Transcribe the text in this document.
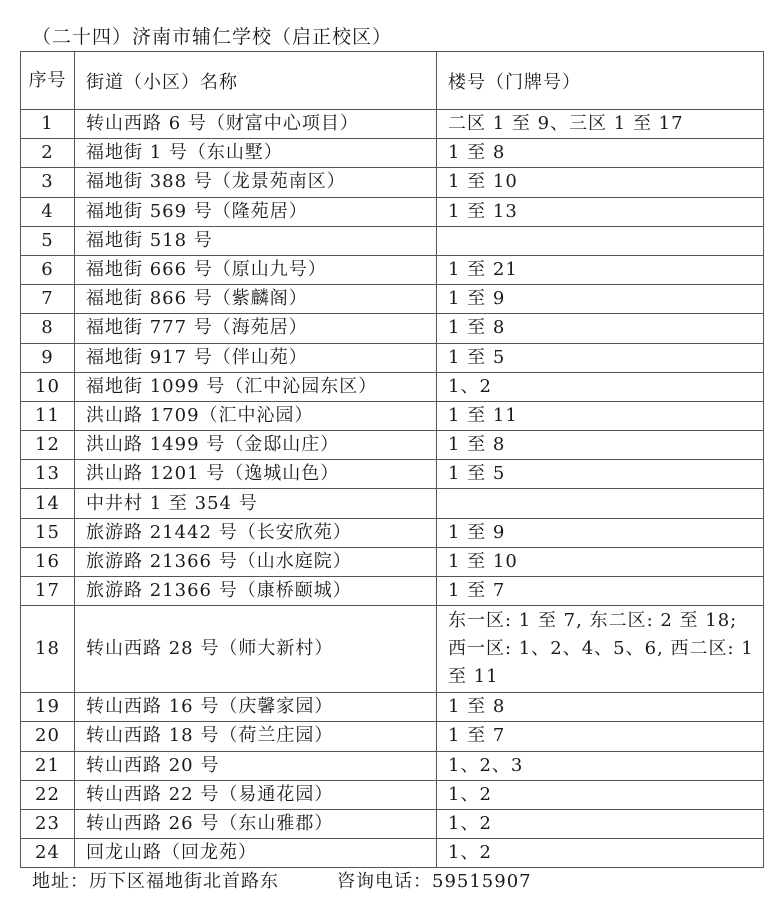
（二十四）济南市辅仁学校（启正校区）
序号	街道（小区）名称	楼号（门牌号）
1	转山西路 6 号（财富中心项目）	二区 1 至 9、三区 1 至 17
2	福地街 1 号（东山墅）	1 至 8
3	福地街 388 号（龙景苑南区）	1 至 10
4	福地街 569 号（隆苑居）	1 至 13
5	福地街 518 号	
6	福地街 666 号（原山九号）	1 至 21
7	福地街 866 号（紫麟阁）	1 至 9
8	福地街 777 号（海苑居）	1 至 8
9	福地街 917 号（伴山苑）	1 至 5
10	福地街 1099 号（汇中沁园东区）	1、2
11	洪山路 1709（汇中沁园）	1 至 11
12	洪山路 1499 号（金邸山庄）	1 至 8
13	洪山路 1201 号（逸城山色）	1 至 5
14	中井村 1 至 354 号	
15	旅游路 21442 号（长安欣苑）	1 至 9
16	旅游路 21366 号（山水庭院）	1 至 10
17	旅游路 21366 号（康桥颐城）	1 至 7
18	转山西路 28 号（师大新村）	东一区: 1 至 7, 东二区: 2 至 18; 西一区: 1、2、4、5、6, 西二区: 1 至 11
19	转山西路 16 号（庆馨家园）	1 至 8
20	转山西路 18 号（荷兰庄园）	1 至 7
21	转山西路 20 号	1、2、3
22	转山西路 22 号（易通花园）	1、2
23	转山西路 26 号（东山雅郡）	1、2
24	回龙山路（回龙苑）	1、2
地址：历下区福地街北首路东	咨询电话：59515907
